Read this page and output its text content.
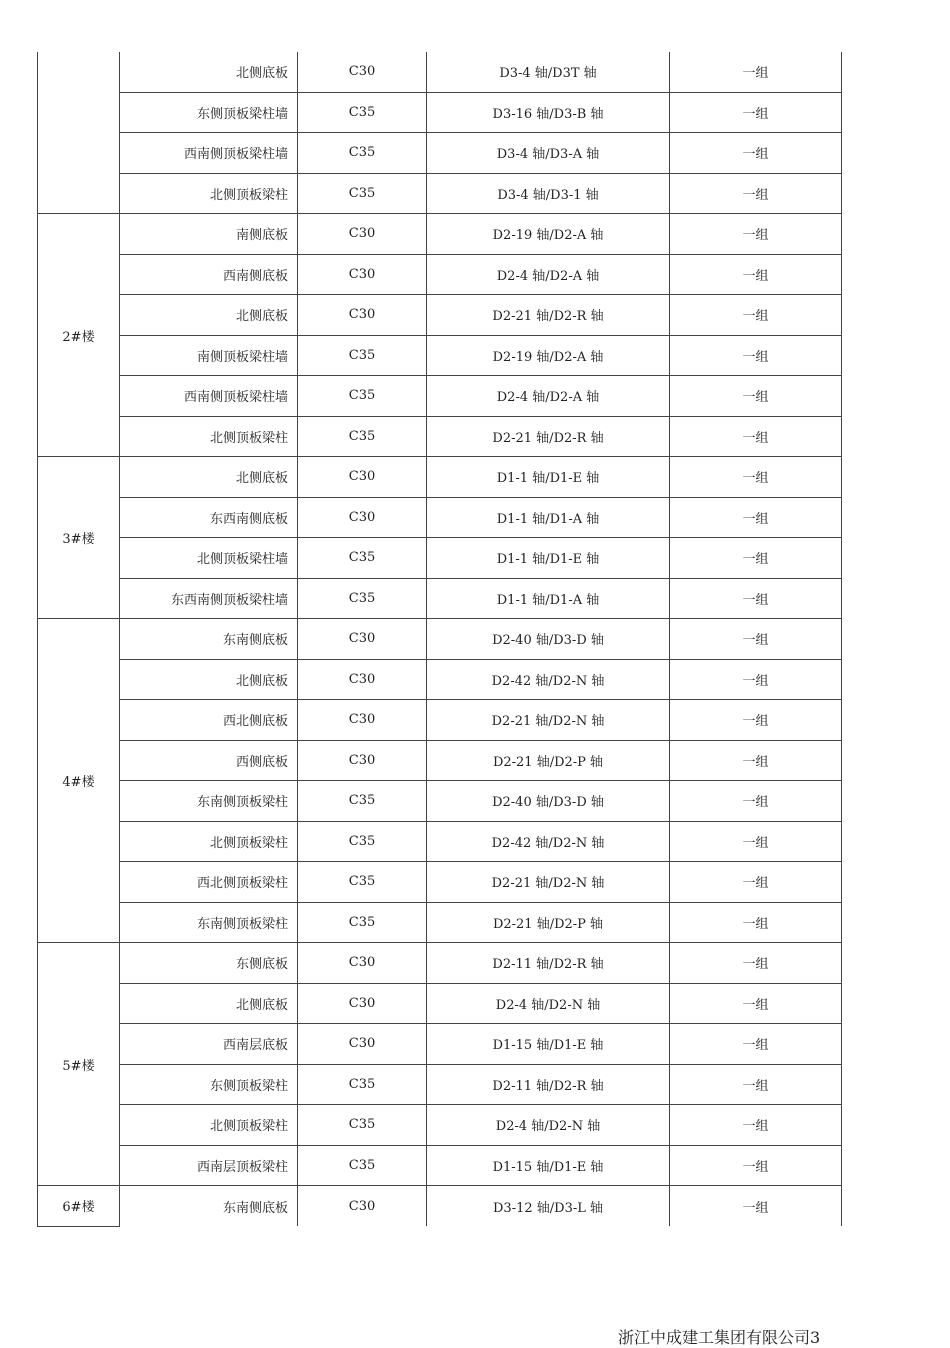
	北侧底板	C30	D3-4 轴/D3T 轴	一组
	东侧顶板梁柱墙	C35	D3-16 轴/D3-B 轴	一组
	西南侧顶板梁柱墙	C35	D3-4 轴/D3-A 轴	一组
	北侧顶板梁柱	C35	D3-4 轴/D3-1 轴	一组
2#楼	南侧底板	C30	D2-19 轴/D2-A 轴	一组
	西南侧底板	C30	D2-4 轴/D2-A 轴	一组
	北侧底板	C30	D2-21 轴/D2-R 轴	一组
	南侧顶板梁柱墙	C35	D2-19 轴/D2-A 轴	一组
	西南侧顶板梁柱墙	C35	D2-4 轴/D2-A 轴	一组
	北侧顶板梁柱	C35	D2-21 轴/D2-R 轴	一组
3#楼	北侧底板	C30	D1-1 轴/D1-E 轴	一组
	东西南侧底板	C30	D1-1 轴/D1-A 轴	一组
	北侧顶板梁柱墙	C35	D1-1 轴/D1-E 轴	一组
	东西南侧顶板梁柱墙	C35	D1-1 轴/D1-A 轴	一组
4#楼	东南侧底板	C30	D2-40 轴/D3-D 轴	一组
	北侧底板	C30	D2-42 轴/D2-N 轴	一组
	西北侧底板	C30	D2-21 轴/D2-N 轴	一组
	西侧底板	C30	D2-21 轴/D2-P 轴	一组
	东南侧顶板梁柱	C35	D2-40 轴/D3-D 轴	一组
	北侧顶板梁柱	C35	D2-42 轴/D2-N 轴	一组
	西北侧顶板梁柱	C35	D2-21 轴/D2-N 轴	一组
	东南侧顶板梁柱	C35	D2-21 轴/D2-P 轴	一组
5#楼	东侧底板	C30	D2-11 轴/D2-R 轴	一组
	北侧底板	C30	D2-4 轴/D2-N 轴	一组
	西南层底板	C30	D1-15 轴/D1-E 轴	一组
	东侧顶板梁柱	C35	D2-11 轴/D2-R 轴	一组
	北侧顶板梁柱	C35	D2-4 轴/D2-N 轴	一组
	西南层顶板梁柱	C35	D1-15 轴/D1-E 轴	一组
6#楼	东南侧底板	C30	D3-12 轴/D3-L 轴	一组
浙江中成建工集团有限公司3
